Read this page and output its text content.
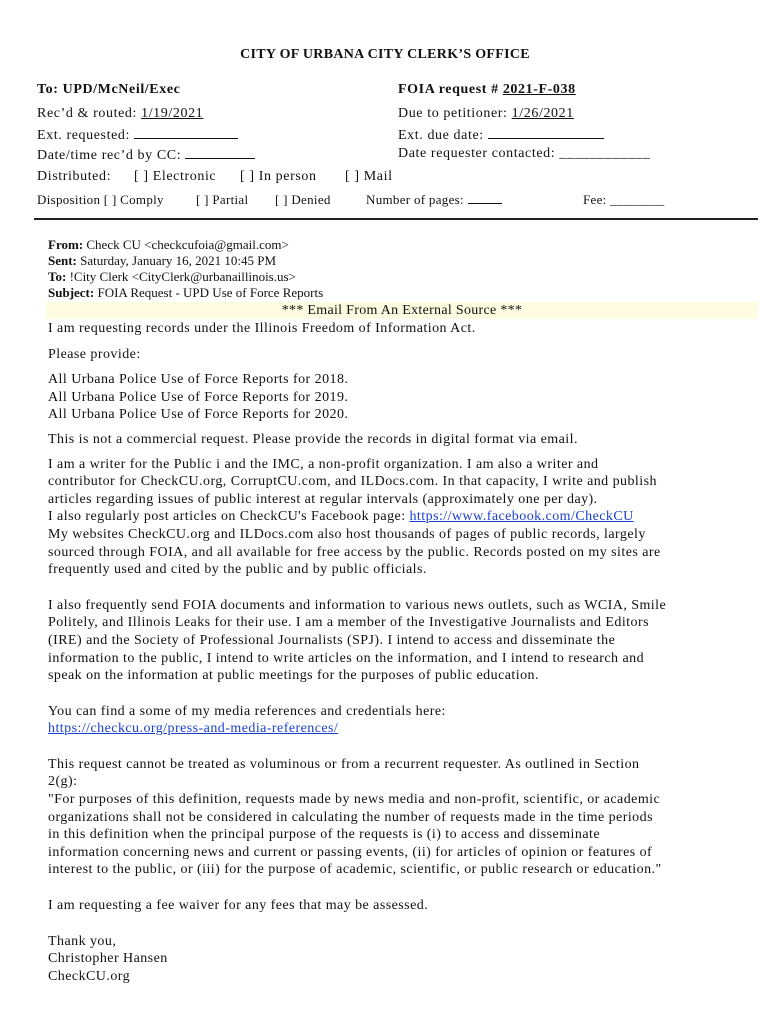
CITY OF URBANA CITY CLERK’S OFFICE
To: UPD/McNeil/Exec	FOIA request # 2021-F-038
Rec’d & routed: 1/19/2021	Due to petitioner: 1/26/2021
Ext. requested:	Ext. due date:
Date/time rec’d by CC:	Date requester contacted: ____________
Distributed: [ ] Electronic [ ] In person [ ] Mail
Disposition [ ] Comply [ ] Partial [ ] Denied	Number of pages:	Fee: ________
From: Check CU <checkcufoia@gmail.com>
Sent: Saturday, January 16, 2021 10:45 PM
To: !City Clerk <CityClerk@urbanaillinois.us>
Subject: FOIA Request - UPD Use of Force Reports
*** Email From An External Source ***

I am requesting records under the Illinois Freedom of Information Act.

Please provide:

All Urbana Police Use of Force Reports for 2018.

All Urbana Police Use of Force Reports for 2019.

All Urbana Police Use of Force Reports for 2020.

This is not a commercial request. Please provide the records in digital format via email.

I am a writer for the Public i and the IMC, a non-profit organization. I am also a writer and

contributor for CheckCU.org, CorruptCU.com, and ILDocs.com. In that capacity, I write and publish

articles regarding issues of public interest at regular intervals (approximately one per day).

I also regularly post articles on CheckCU's Facebook page: https://www.facebook.com/CheckCU

My websites CheckCU.org and ILDocs.com also host thousands of pages of public records, largely

sourced through FOIA, and all available for free access by the public. Records posted on my sites are

frequently used and cited by the public and by public officials.

I also frequently send FOIA documents and information to various news outlets, such as WCIA, Smile

Politely, and Illinois Leaks for their use. I am a member of the Investigative Journalists and Editors

(IRE) and the Society of Professional Journalists (SPJ). I intend to access and disseminate the

information to the public, I intend to write articles on the information, and I intend to research and

speak on the information at public meetings for the purposes of public education.

You can find a some of my media references and credentials here:

https://checkcu.org/press-and-media-references/

This request cannot be treated as voluminous or from a recurrent requester. As outlined in Section

2(g):

"For purposes of this definition, requests made by news media and non-profit, scientific, or academic

organizations shall not be considered in calculating the number of requests made in the time periods

in this definition when the principal purpose of the requests is (i) to access and disseminate

information concerning news and current or passing events, (ii) for articles of opinion or features of

interest to the public, or (iii) for the purpose of academic, scientific, or public research or education."

I am requesting a fee waiver for any fees that may be assessed.

Thank you,

Christopher Hansen

CheckCU.org
